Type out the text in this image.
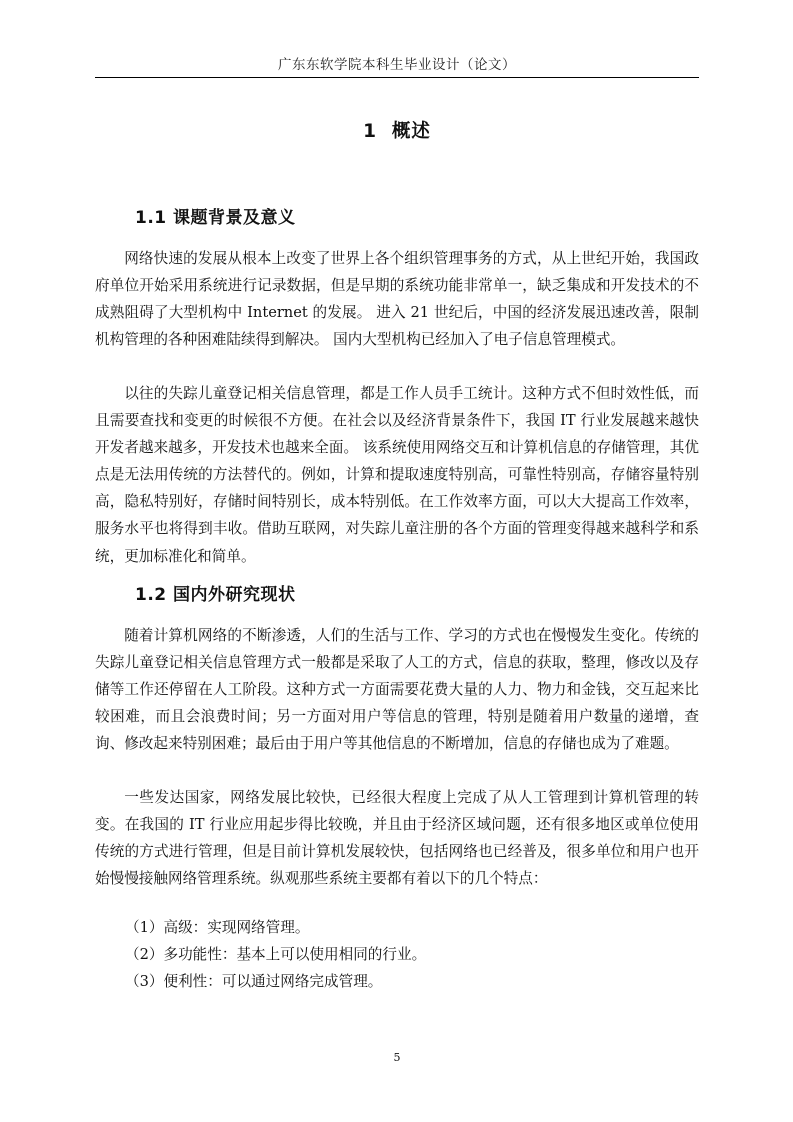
广东东软学院本科生毕业设计（论文）
1  概述
1.1 课题背景及意义

网络快速的发展从根本上改变了世界上各个组织管理事务的方式，从上世纪开始，我国政府单位开始采用系统进行记录数据，但是早期的系统功能非常单一，缺乏集成和开发技术的不成熟阻碍了大型机构中 Internet 的发展。 进入 21 世纪后，中国的经济发展迅速改善，限制机构管理的各种困难陆续得到解决。 国内大型机构已经加入了电子信息管理模式。

以往的失踪儿童登记相关信息管理，都是工作人员手工统计。这种方式不但时效性低，而且需要查找和变更的时候很不方便。在社会以及经济背景条件下，我国 IT 行业发展越来越快开发者越来越多，开发技术也越来全面。 该系统使用网络交互和计算机信息的存储管理，其优点是无法用传统的方法替代的。例如，计算和提取速度特别高，可靠性特别高，存储容量特别高，隐私特别好，存储时间特别长，成本特别低。在工作效率方面，可以大大提高工作效率，服务水平也将得到丰收。借助互联网，对失踪儿童注册的各个方面的管理变得越来越科学和系统，更加标准化和简单。

1.2 国内外研究现状

随着计算机网络的不断渗透，人们的生活与工作、学习的方式也在慢慢发生变化。传统的失踪儿童登记相关信息管理方式一般都是采取了人工的方式，信息的获取，整理，修改以及存储等工作还停留在人工阶段。这种方式一方面需要花费大量的人力、物力和金钱，交互起来比较困难，而且会浪费时间；另一方面对用户等信息的管理，特别是随着用户数量的递增，查询、修改起来特别困难；最后由于用户等其他信息的不断增加，信息的存储也成为了难题。

一些发达国家，网络发展比较快，已经很大程度上完成了从人工管理到计算机管理的转变。在我国的 IT 行业应用起步得比较晚，并且由于经济区域问题，还有很多地区或单位使用传统的方式进行管理，但是目前计算机发展较快，包括网络也已经普及，很多单位和用户也开始慢慢接触网络管理系统。纵观那些系统主要都有着以下的几个特点：

（1）高级：实现网络管理。

（2）多功能性：基本上可以使用相同的行业。

（3）便利性：可以通过网络完成管理。

5
